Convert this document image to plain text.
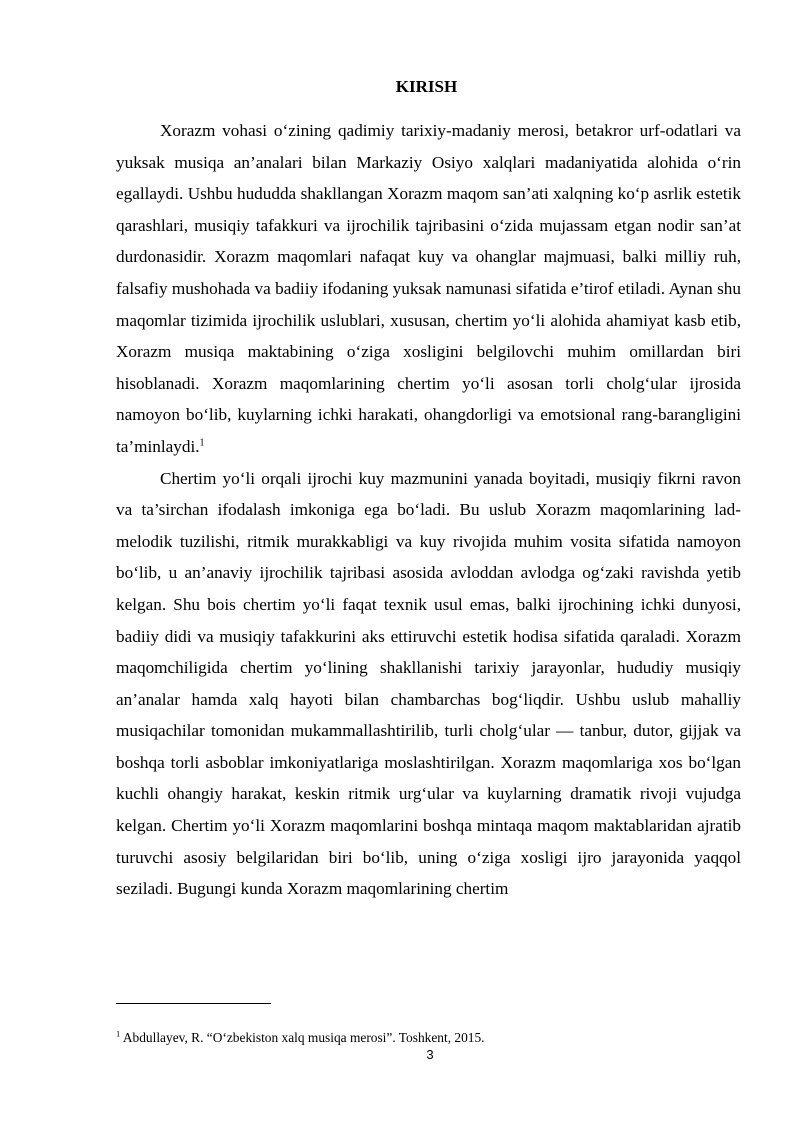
KIRISH

Xorazm vohasi o‘zining qadimiy tarixiy-madaniy merosi, betakror urf-odatlari va yuksak musiqa an’analari bilan Markaziy Osiyo xalqlari madaniyatida alohida o‘rin egallaydi. Ushbu hududda shakllangan Xorazm maqom san’ati xalqning ko‘p asrlik estetik qarashlari, musiqiy tafakkuri va ijrochilik tajribasini o‘zida mujassam etgan nodir san’at durdonasidir. Xorazm maqomlari nafaqat kuy va ohanglar majmuasi, balki milliy ruh, falsafiy mushohada va badiiy ifodaning yuksak namunasi sifatida e’tirof etiladi. Aynan shu maqomlar tizimida ijrochilik uslublari, xususan, chertim yo‘li alohida ahamiyat kasb etib, Xorazm musiqa maktabining o‘ziga xosligini belgilovchi muhim omillardan biri hisoblanadi. Xorazm maqomlarining chertim yo‘li asosan torli cholg‘ular ijrosida namoyon bo‘lib, kuylarning ichki harakati, ohangdorligi va emotsional rang-barangligini ta’minlaydi.$^1$

Chertim yo‘li orqali ijrochi kuy mazmunini yanada boyitadi, musiqiy fikrni ravon va ta’sirchan ifodalash imkoniga ega bo‘ladi. Bu uslub Xorazm maqomlarining lad-melodik tuzilishi, ritmik murakkabligi va kuy rivojida muhim vosita sifatida namoyon bo‘lib, u an’anaviy ijrochilik tajribasi asosida avloddan avlodga og‘zaki ravishda yetib kelgan. Shu bois chertim yo‘li faqat texnik usul emas, balki ijrochining ichki dunyosi, badiiy didi va musiqiy tafakkurini aks ettiruvchi estetik hodisa sifatida qaraladi. Xorazm maqomchiligida chertim yo‘lining shakllanishi tarixiy jarayonlar, hududiy musiqiy an’analar hamda xalq hayoti bilan chambarchas bog‘liqdir. Ushbu uslub mahalliy musiqachilar tomonidan mukammallashtirilib, turli cholg‘ular — tanbur, dutor, gijjak va boshqa torli asboblar imkoniyatlariga moslashtirilgan. Xorazm maqomlariga xos bo‘lgan kuchli ohangiy harakat, keskin ritmik urg‘ular va kuylarning dramatik rivoji vujudga kelgan. Chertim yo‘li Xorazm maqomlarini boshqa mintaqa maqom maktablaridan ajratib turuvchi asosiy belgilaridan biri bo‘lib, uning o‘ziga xosligi ijro jarayonida yaqqol seziladi. Bugungi kunda Xorazm maqomlarining chertim

$^1$ Abdullayev, R. “O‘zbekiston xalq musiqa merosi”. Toshkent, 2015.
3
